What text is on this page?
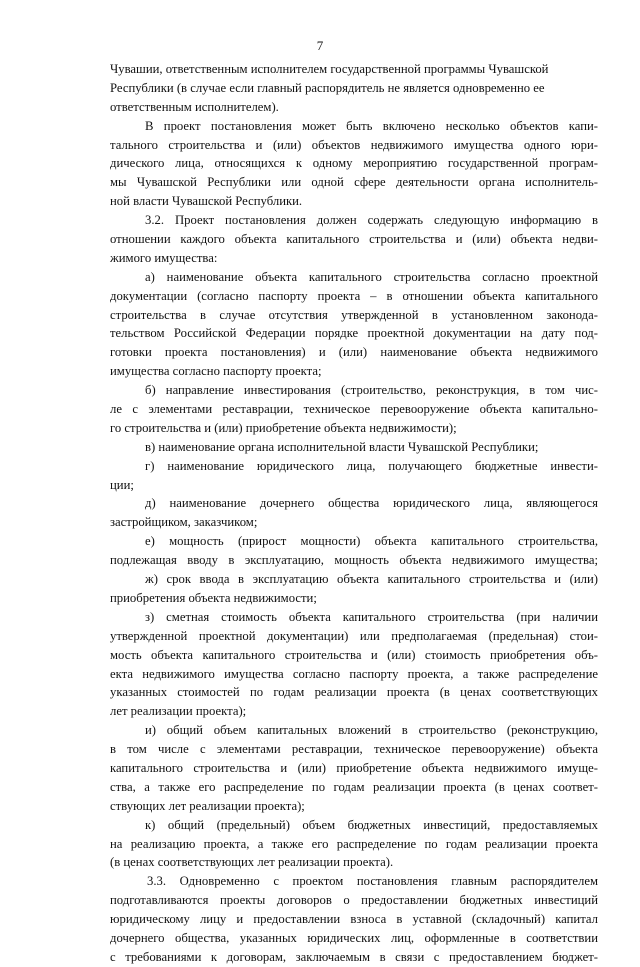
7
Чувашии, ответственным исполнителем государственной программы Чувашской
Республики (в случае если главный распорядитель не является одновременно ее
ответственным исполнителем).
В проект постановления может быть включено несколько объектов капи-
тального строительства и (или) объектов недвижимого имущества одного юри-
дического лица, относящихся к одному мероприятию государственной програм-
мы Чувашской Республики или одной сфере деятельности органа исполнитель-
ной власти Чувашской Республики.
3.2. Проект постановления должен содержать следующую информацию в
отношении каждого объекта капитального строительства и (или) объекта недви-
жимого имущества:
а) наименование объекта капитального строительства согласно проектной
документации (согласно паспорту проекта – в отношении объекта капитального
строительства в случае отсутствия утвержденной в установленном законода-
тельством Российской Федерации порядке проектной документации на дату под-
готовки проекта постановления) и (или) наименование объекта недвижимого
имущества согласно паспорту проекта;
б) направление инвестирования (строительство, реконструкция, в том чис-
ле с элементами реставрации, техническое перевооружение объекта капитально-
го строительства и (или) приобретение объекта недвижимости);
в) наименование органа исполнительной власти Чувашской Республики;
г) наименование юридического лица, получающего бюджетные инвести-
ции;
д) наименование дочернего общества юридического лица, являющегося
застройщиком, заказчиком;
е) мощность (прирост мощности) объекта капитального строительства,
подлежащая вводу в эксплуатацию, мощность объекта недвижимого имущества;
ж) срок ввода в эксплуатацию объекта капитального строительства и (или)
приобретения объекта недвижимости;
з) сметная стоимость объекта капитального строительства (при наличии
утвержденной проектной документации) или предполагаемая (предельная) стои-
мость объекта капитального строительства и (или) стоимость приобретения объ-
екта недвижимого имущества согласно паспорту проекта, а также распределение
указанных стоимостей по годам реализации проекта (в ценах соответствующих
лет реализации проекта);
и) общий объем капитальных вложений в строительство (реконструкцию,
в том числе с элементами реставрации, техническое перевооружение) объекта
капитального строительства и (или) приобретение объекта недвижимого имуще-
ства, а также его распределение по годам реализации проекта (в ценах соответ-
ствующих лет реализации проекта);
к) общий (предельный) объем бюджетных инвестиций, предоставляемых
на реализацию проекта, а также его распределение по годам реализации проекта
(в ценах соответствующих лет реализации проекта).
3.3. Одновременно с проектом постановления главным распорядителем
подготавливаются проекты договоров о предоставлении бюджетных инвестиций
юридическому лицу и предоставлении взноса в уставной (складочный) капитал
дочернего общества, указанных юридических лиц, оформленные в соответствии
с требованиями к договорам, заключаемым в связи с предоставлением бюджет-
